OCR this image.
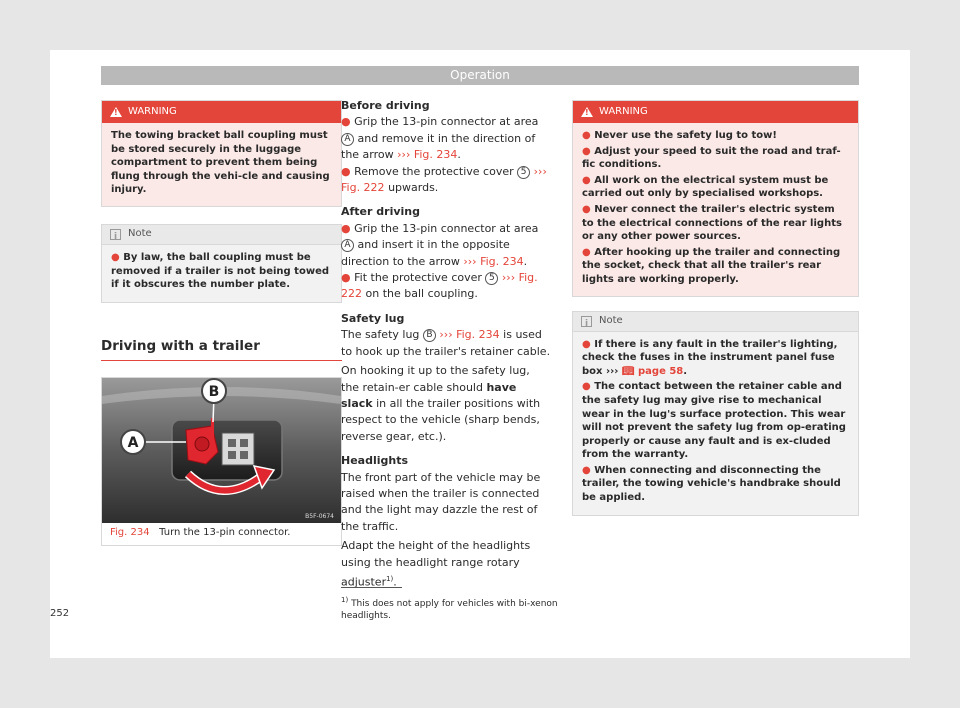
Operation
!
WARNING

The towing bracket ball coupling must be stored securely in the luggage compartment to prevent them being flung through the vehi-cle and causing injury.

i
Note

● By law, the ball coupling must be removed if a trailer is not being towed if it obscures the number plate.

Driving with a trailer
A
B
B5F-0674
Fig. 234 Turn the 13-pin connector.

Before driving

● Grip the 13-pin connector at area A and remove it in the direction of the arrow ››› Fig. 234.

● Remove the protective cover 5 ››› Fig. 222 upwards.

After driving

● Grip the 13-pin connector at area A and insert it in the opposite direction to the arrow ››› Fig. 234.

● Fit the protective cover 5 ››› Fig. 222 on the ball coupling.

Safety lug

The safety lug B ››› Fig. 234 is used to hook up the trailer's retainer cable.

On hooking it up to the safety lug, the retain-er cable should have slack in all the trailer positions with respect to the vehicle (sharp bends, reverse gear, etc.).

Headlights

The front part of the vehicle may be raised when the trailer is connected and the light may dazzle the rest of the traffic.

Adapt the height of the headlights using the headlight range rotary adjuster$^{1)}$.

!
WARNING

● Never use the safety lug to tow!

● Adjust your speed to suit the road and traf-fic conditions.

● All work on the electrical system must be carried out only by specialised workshops.

● Never connect the trailer's electric system to the electrical connections of the rear lights or any other power sources.

● After hooking up the trailer and connecting the socket, check that all the trailer's rear lights are working properly.

i
Note

● If there is any fault in the trailer's lighting, check the fuses in the instrument panel fuse box ››› 📖︎ page 58.

● The contact between the retainer cable and the safety lug may give rise to mechanical wear in the lug's surface protection. This wear will not prevent the safety lug from op-erating properly or cause any fault and is ex-cluded from the warranty.

● When connecting and disconnecting the trailer, the towing vehicle's handbrake should be applied.

$^{1)}$ This does not apply for vehicles with bi-xenon headlights.
252
